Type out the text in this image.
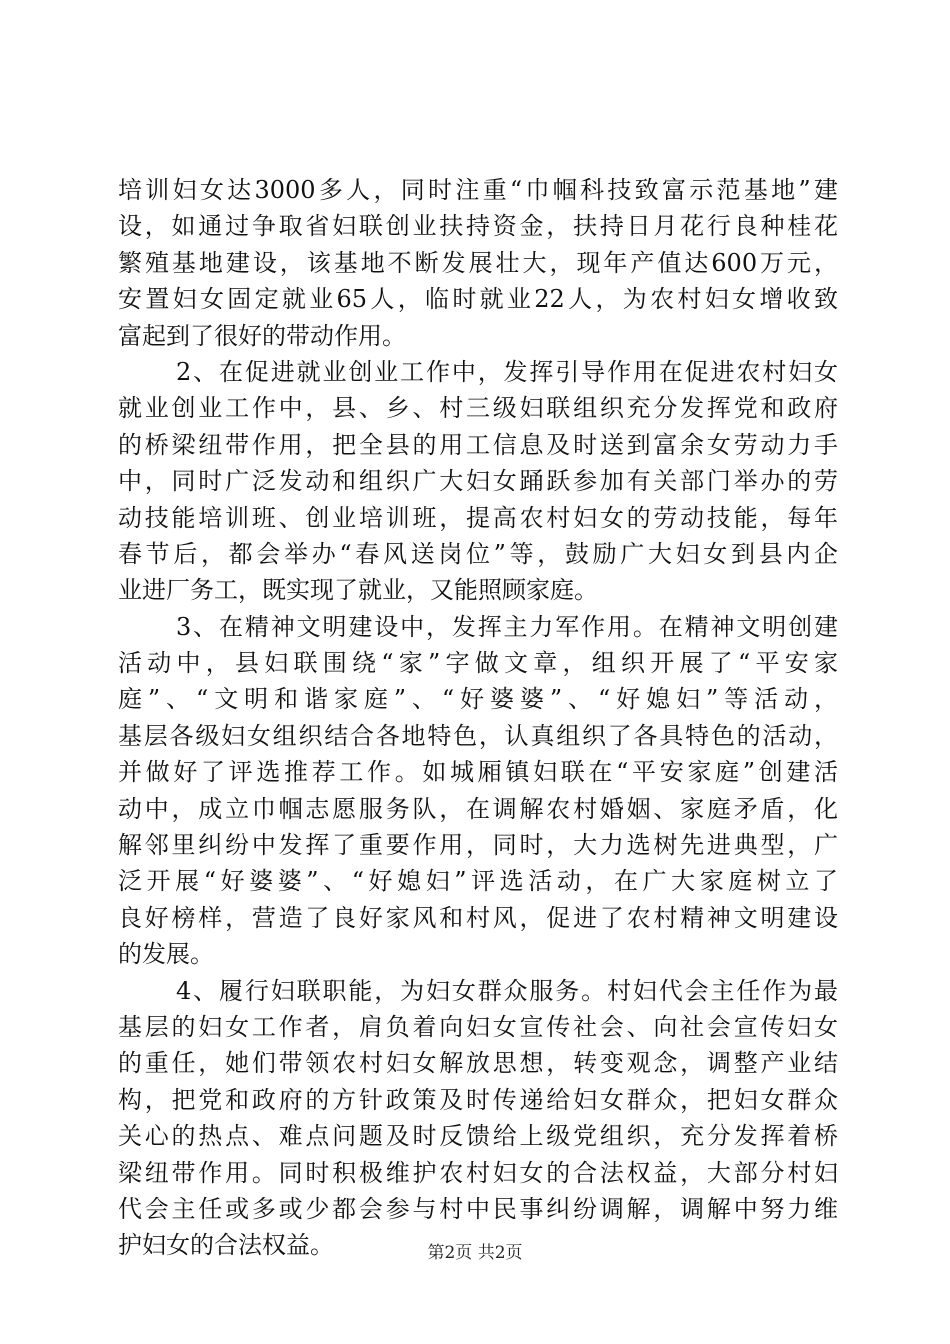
培训妇女达3000多人，同时注重“巾帼科技致富示范基地”建
设，如通过争取省妇联创业扶持资金，扶持日月花行良种桂花
繁殖基地建设，该基地不断发展壮大，现年产值达600万元，
安置妇女固定就业65人，临时就业22人，为农村妇女增收致
富起到了很好的带动作用。
2、在促进就业创业工作中，发挥引导作用在促进农村妇女
就业创业工作中，县、乡、村三级妇联组织充分发挥党和政府
的桥梁纽带作用，把全县的用工信息及时送到富余女劳动力手
中，同时广泛发动和组织广大妇女踊跃参加有关部门举办的劳
动技能培训班、创业培训班，提高农村妇女的劳动技能，每年
春节后，都会举办“春风送岗位”等，鼓励广大妇女到县内企
业进厂务工，既实现了就业，又能照顾家庭。
3、在精神文明建设中，发挥主力军作用。在精神文明创建
活动中，县妇联围绕“家”字做文章，组织开展了“平安家
庭”、“文明和谐家庭”、“好婆婆”、“好媳妇”等活动，
基层各级妇女组织结合各地特色，认真组织了各具特色的活动，
并做好了评选推荐工作。如城厢镇妇联在“平安家庭”创建活
动中，成立巾帼志愿服务队，在调解农村婚姻、家庭矛盾，化
解邻里纠纷中发挥了重要作用，同时，大力选树先进典型，广
泛开展“好婆婆”、“好媳妇”评选活动，在广大家庭树立了
良好榜样，营造了良好家风和村风，促进了农村精神文明建设
的发展。
4、履行妇联职能，为妇女群众服务。村妇代会主任作为最
基层的妇女工作者，肩负着向妇女宣传社会、向社会宣传妇女
的重任，她们带领农村妇女解放思想，转变观念，调整产业结
构，把党和政府的方针政策及时传递给妇女群众，把妇女群众
关心的热点、难点问题及时反馈给上级党组织，充分发挥着桥
梁纽带作用。同时积极维护农村妇女的合法权益，大部分村妇
代会主任或多或少都会参与村中民事纠纷调解，调解中努力维
护妇女的合法权益。	第2页 共2页
